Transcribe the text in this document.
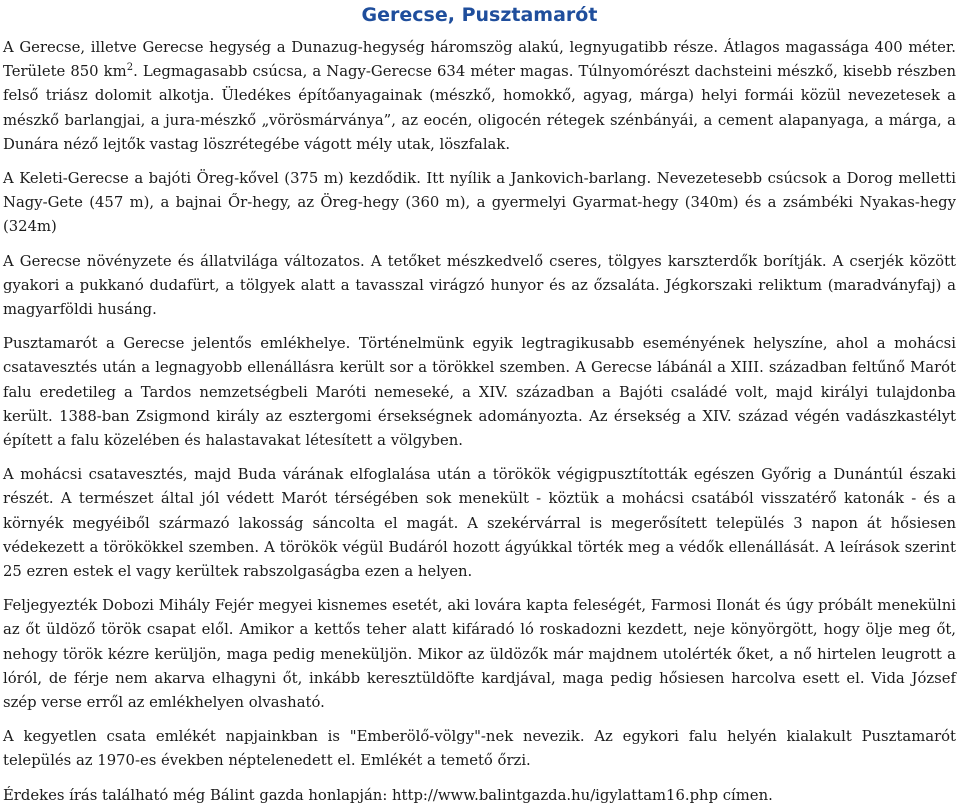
Gerecse, Pusztamarót

A Gerecse, illetve Gerecse hegység a Dunazug-hegység háromszög alakú, legnyugatibb része. Átlagos magassága 400 méter. Területe 850 $km^2$. Legmagasabb csúcsa, a Nagy-Gerecse 634 méter magas. Túlnyomórészt dachsteini mészkő, kisebb részben felső triász dolomit alkotja. Üledékes építőanyagainak (mészkő, homokkő, agyag, márga) helyi formái közül nevezetesek a mészkő barlangjai, a jura-mészkő „vörösmárványa”, az eocén, oligocén rétegek szénbányái, a cement alapanyaga, a márga, a Dunára néző lejtők vastag löszrétegébe vágott mély utak, löszfalak.

A Keleti-Gerecse a bajóti Öreg-kővel (375 m) kezdődik. Itt nyílik a Jankovich-barlang. Nevezetesebb csúcsok a Dorog melletti Nagy-Gete (457 m), a bajnai Őr-hegy, az Öreg-hegy (360 m), a gyermelyi Gyarmat-hegy (340m) és a zsámbéki Nyakas-hegy (324m)

A Gerecse növényzete és állatvilága változatos. A tetőket mészkedvelő cseres, tölgyes karszterdők borítják. A cserjék között gyakori a pukkanó dudafürt, a tölgyek alatt a tavasszal virágzó hunyor és az őzsaláta. Jégkorszaki reliktum (maradványfaj) a magyarföldi husáng.

Pusztamarót a Gerecse jelentős emlékhelye. Történelmünk egyik legtragikusabb eseményének helyszíne, ahol a mohácsi csatavesztés után a legnagyobb ellenállásra került sor a törökkel szemben. A Gerecse lábánál a XIII. században feltűnő Marót falu eredetileg a Tardos nemzetségbeli Maróti nemeseké, a XIV. században a Bajóti családé volt, majd királyi tulajdonba került. 1388-ban Zsigmond király az esztergomi érsekségnek adományozta. Az érsekség a XIV. század végén vadászkastélyt épített a falu közelében és halastavakat létesített a völgyben.

A mohácsi csatavesztés, majd Buda várának elfoglalása után a törökök végigpusztították egészen Győrig a Dunántúl északi részét. A természet által jól védett Marót térségében sok menekült - köztük a mohácsi csatából visszatérő katonák - és a környék megyéiből származó lakosság sáncolta el magát. A szekérvárral is megerősített település 3 napon át hősiesen védekezett a törökökkel szemben. A törökök végül Budáról hozott ágyúkkal törték meg a védők ellenállását. A leírások szerint 25 ezren estek el vagy kerültek rabszolgaságba ezen a helyen.

Feljegyezték Dobozi Mihály Fejér megyei kisnemes esetét, aki lovára kapta feleségét, Farmosi Ilonát és úgy próbált menekülni az őt üldöző török csapat elől. Amikor a kettős teher alatt kifáradó ló roskadozni kezdett, neje könyörgött, hogy ölje meg őt, nehogy török kézre kerüljön, maga pedig meneküljön. Mikor az üldözők már majdnem utolérték őket, a nő hirtelen leugrott a lóról, de férje nem akarva elhagyni őt, inkább keresztüldöfte kardjával, maga pedig hősiesen harcolva esett el. Vida József szép verse erről az emlékhelyen olvasható.

A kegyetlen csata emlékét napjainkban is "Emberölő-völgy"-nek nevezik. Az egykori falu helyén kialakult Pusztamarót település az 1970-es években néptelenedett el. Emlékét a temető őrzi.

Érdekes írás található még Bálint gazda honlapján: http://www.balintgazda.hu/igylattam16.php címen.
